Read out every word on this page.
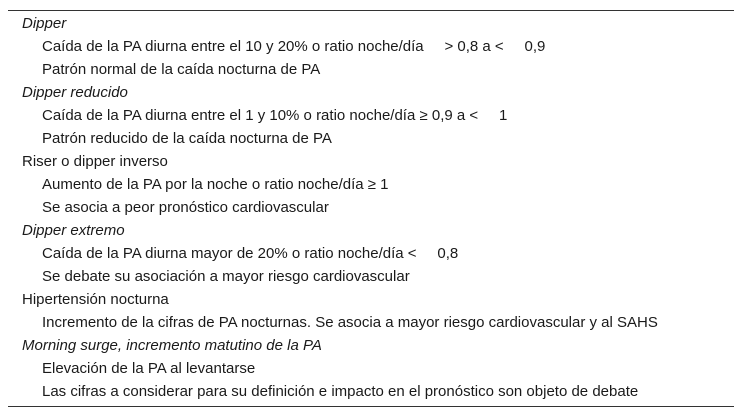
Dipper
Caída de la PA diurna entre el 10 y 20% o ratio noche/día     > 0,8 a <     0,9
Patrón normal de la caída nocturna de PA
Dipper reducido
Caída de la PA diurna entre el 1 y 10% o ratio noche/día ≥ 0,9 a <     1
Patrón reducido de la caída nocturna de PA
Riser o dipper inverso
Aumento de la PA por la noche o ratio noche/día ≥ 1
Se asocia a peor pronóstico cardiovascular
Dipper extremo
Caída de la PA diurna mayor de 20% o ratio noche/día <     0,8
Se debate su asociación a mayor riesgo cardiovascular
Hipertensión nocturna
Incremento de la cifras de PA nocturnas. Se asocia a mayor riesgo cardiovascular y al SAHS
Morning surge, incremento matutino de la PA
Elevación de la PA al levantarse
Las cifras a considerar para su definición e impacto en el pronóstico son objeto de debate
